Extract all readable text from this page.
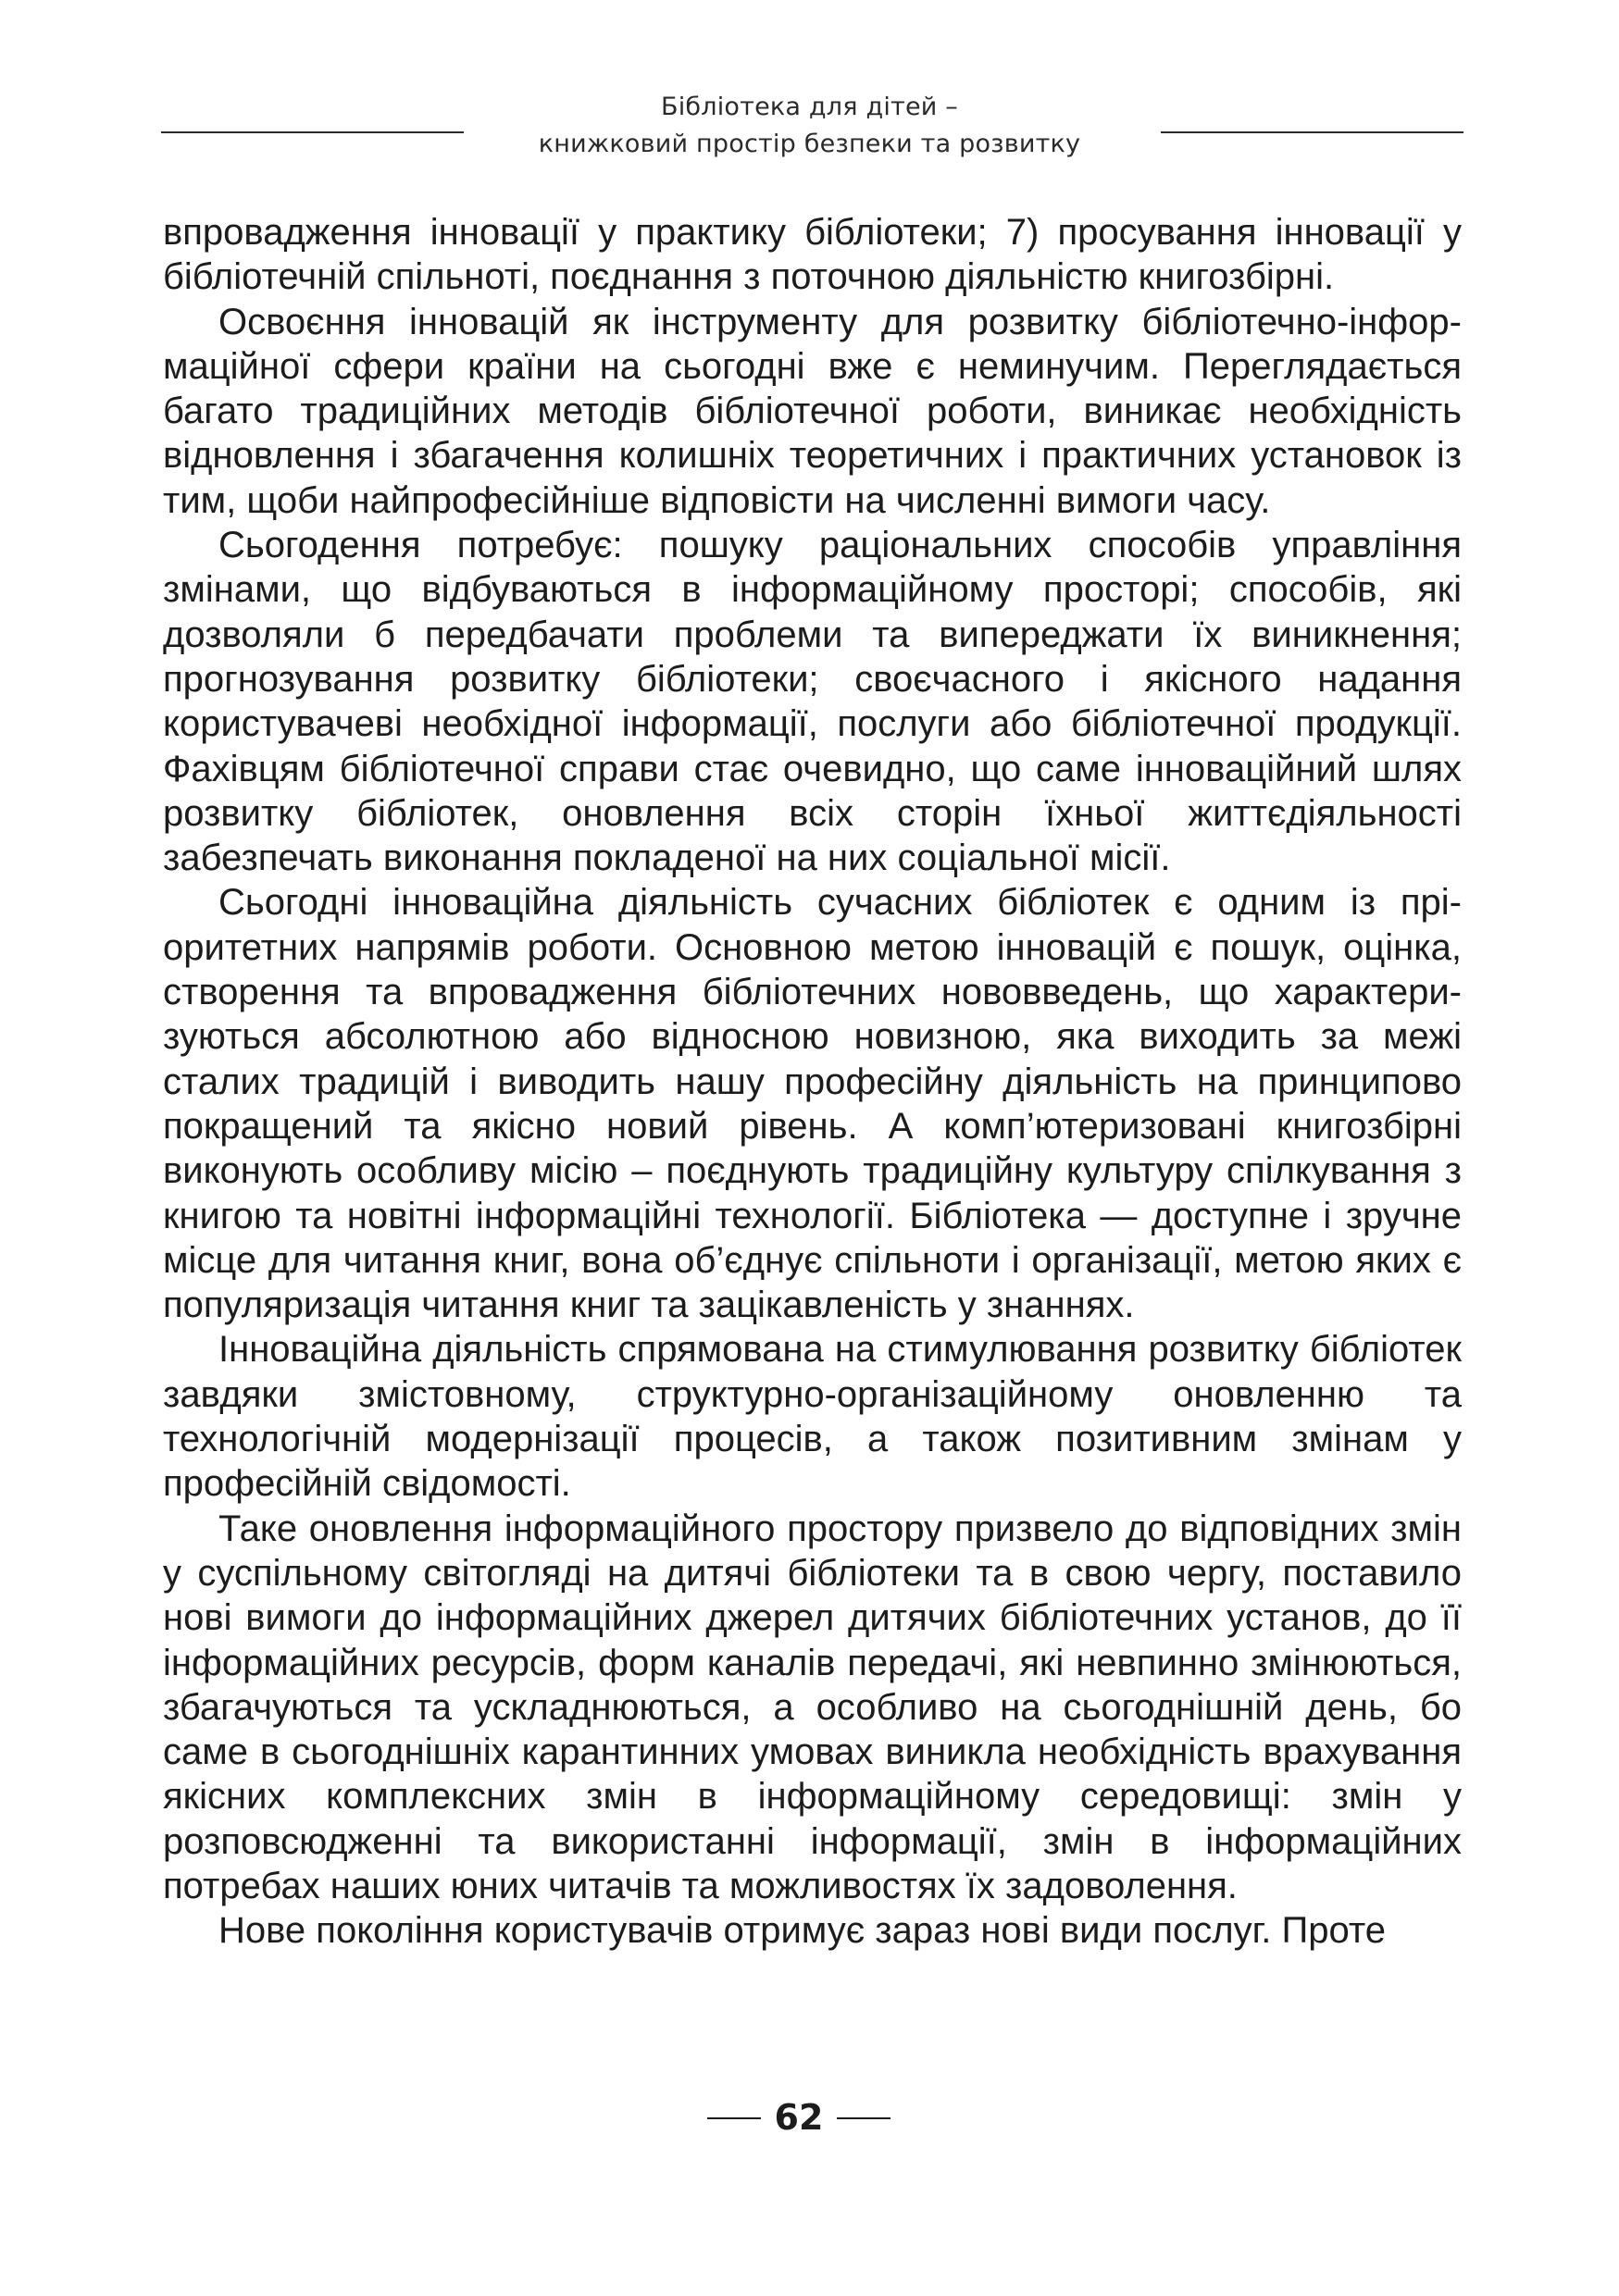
Бібліотека для дітей –
книжковий простір безпеки та розвитку

впровадження інновації у практику бібліотеки; 7) просування інновації у бібліотечній спільноті, поєднання з поточною діяльністю книгозбірні.

Освоєння інновацій як інструменту для розвитку бібліотечно-інформаційної сфери країни на сьогодні вже є неминучим. Переглядається багато традиційних методів бібліотечної роботи, виникає необхідність відновлення і збагачення колишніх теоретичних і практичних установок із тим, щоби найпрофесійніше відповісти на численні вимоги часу.

Сьогодення потребує: пошуку раціональних способів управління змінами, що відбуваються в інформаційному просторі; способів, які дозволяли б передбачати проблеми та випереджати їх виникнення; прогнозування розвитку бібліотеки; своєчасного і якісного надання користувачеві необхідної інформації, послуги або бібліотечної продукції. Фахівцям бібліотечної справи стає очевидно, що саме інноваційний шлях розвитку бібліотек, оновлення всіх сторін їхньої життєдіяльності забезпечать виконання покладеної на них соціальної місії.

Сьогодні інноваційна діяльність сучасних бібліотек є одним із пріоритетних напрямів роботи. Основною метою інновацій є пошук, оцінка, створення та впровадження бібліотечних нововведень, що характеризуються абсолютною або відносною новизною, яка виходить за межі сталих традицій і виводить нашу професійну діяльність на принципово покращений та якісно новий рівень. А комп’ютеризовані книгозбірні виконують особливу місію – поєднують традиційну культуру спілкування з книгою та новітні інформаційні технології. Бібліотека — доступне і зручне місце для читання книг, вона об’єднує спільноти і організації, метою яких є популяризація читання книг та зацікавленість у знаннях.

Інноваційна діяльність спрямована на стимулювання розвитку бібліотек завдяки змістовному, структурно-організаційному оновленню та технологічній модернізації процесів, а також позитивним змінам у професійній свідомості.

Таке оновлення інформаційного простору призвело до відповідних змін у суспільному світогляді на дитячі бібліотеки та в свою чергу, поставило нові вимоги до інформаційних джерел дитячих бібліотечних установ, до її інформаційних ресурсів, форм каналів передачі, які невпинно змінюються, збагачуються та ускладнюються, а особливо на сьогоднішній день, бо саме в сьогоднішніх карантинних умовах виникла необхідність врахування якісних комплексних змін в інформаційному середовищі: змін у розповсюдженні та використанні інформації, змін в інформаційних потребах наших юних читачів та можливостях їх задоволення.

Нове покоління користувачів отримує зараз нові види послуг. Проте

62
